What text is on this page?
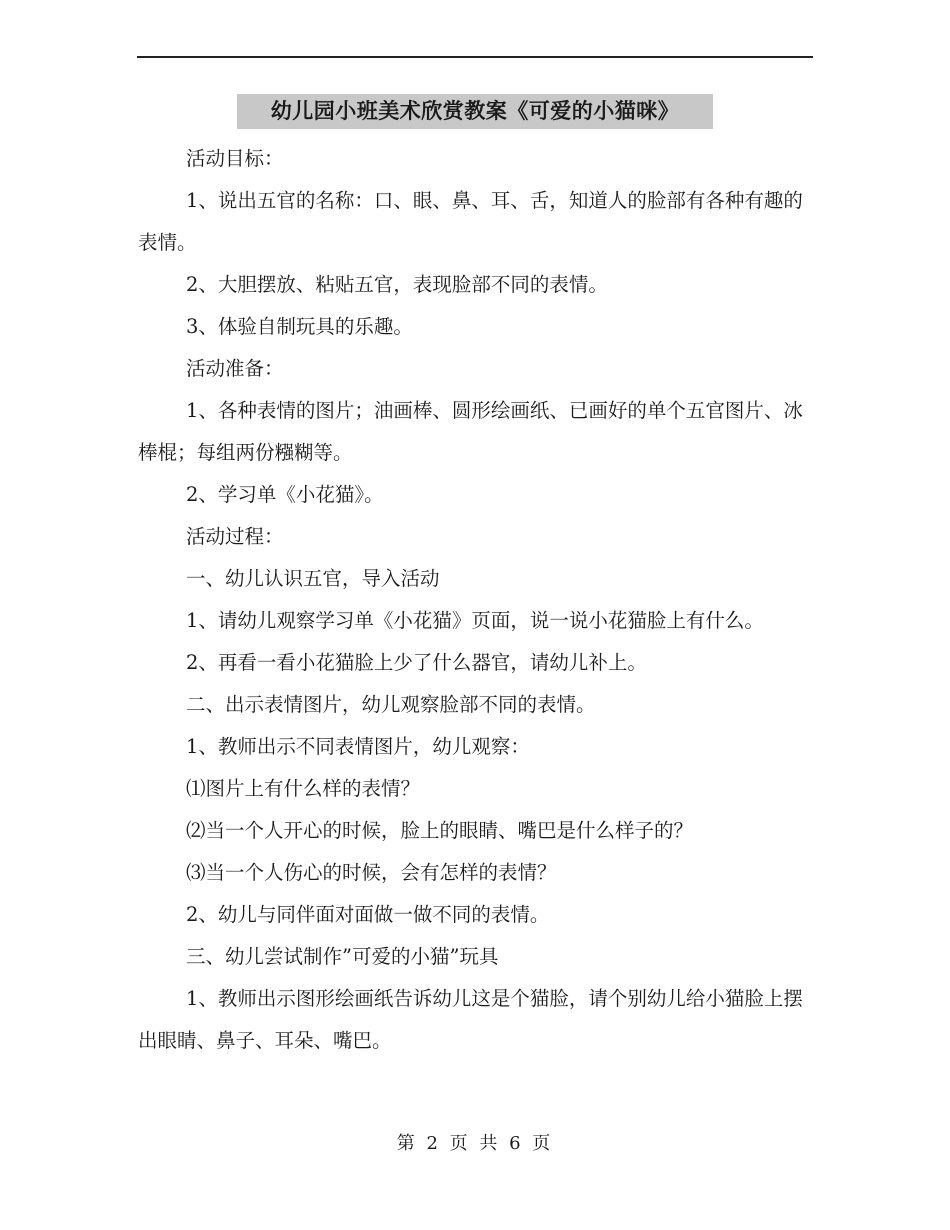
幼儿园小班美术欣赏教案《可爱的小猫咪》

活动目标：

1、说出五官的名称：口、眼、鼻、耳、舌，知道人的脸部有各种有趣的表情。

2、大胆摆放、粘贴五官，表现脸部不同的表情。

3、体验自制玩具的乐趣。

活动准备：

1、各种表情的图片；油画棒、圆形绘画纸、已画好的单个五官图片、冰棒棍；每组两份糨糊等。

2、学习单《小花猫》。

活动过程：

一、幼儿认识五官，导入活动

1、请幼儿观察学习单《小花猫》页面，说一说小花猫脸上有什么。

2、再看一看小花猫脸上少了什么器官，请幼儿补上。

二、出示表情图片，幼儿观察脸部不同的表情。

1、教师出示不同表情图片，幼儿观察：

⑴图片上有什么样的表情？

⑵当一个人开心的时候，脸上的眼睛、嘴巴是什么样子的？

⑶当一个人伤心的时候，会有怎样的表情？

2、幼儿与同伴面对面做一做不同的表情。

三、幼儿尝试制作”可爱的小猫”玩具

1、教师出示图形绘画纸告诉幼儿这是个猫脸，请个别幼儿给小猫脸上摆出眼睛、鼻子、耳朵、嘴巴。

第 2 页 共 6 页
